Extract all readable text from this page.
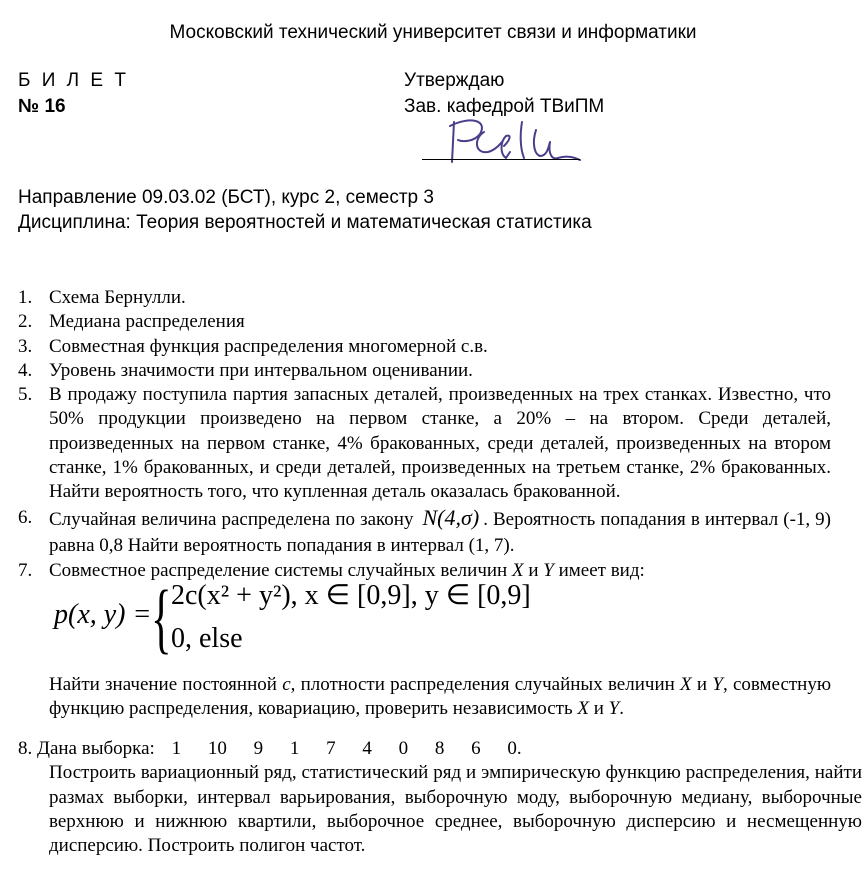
Московский технический университет связи и информатики
Б И Л Е Т
№ 16
Утверждаю
Зав. кафедрой ТВиПМ
Направление 09.03.02 (БСТ), курс 2, семестр 3
Дисциплина: Теория вероятностей и математическая статистика
1. Схема Бернулли.
2. Медиана распределения
3. Совместная функция распределения многомерной с.в.
4. Уровень значимости при интервальном оценивании.
5. В продажу поступила партия запасных деталей, произведенных на трех станках. Известно, что 50% продукции произведено на первом станке, а 20% – на втором. Среди деталей, произведенных на первом станке, 4% бракованных, среди деталей, произведенных на втором станке, 1% бракованных, и среди деталей, произведенных на третьем станке, 2% бракованных. Найти вероятность того, что купленная деталь оказалась бракованной.
6. Случайная величина распределена по закону N(4,σ) . Вероятность попадания в интервал (-1, 9) равна 0,8 Найти вероятность попадания в интервал (1, 7).
7. Совместное распределение системы случайных величин X и Y имеет вид:
p(x, y) = { 2c(x² + y²), x ∈ [0,9], y ∈ [0,9]
0, else
Найти значение постоянной c, плотности распределения случайных величин X и Y, совместную функцию распределения, ковариацию, проверить независимость X и Y.
8. Дана выборка: 1 10 9 1 7 4 0 8 6 0.
Построить вариационный ряд, статистический ряд и эмпирическую функцию распределения, найти размах выборки, интервал варьирования, выборочную моду, выборочную медиану, выборочные верхнюю и нижнюю квартили, выборочное среднее, выборочную дисперсию и несмещенную дисперсию. Построить полигон частот.
